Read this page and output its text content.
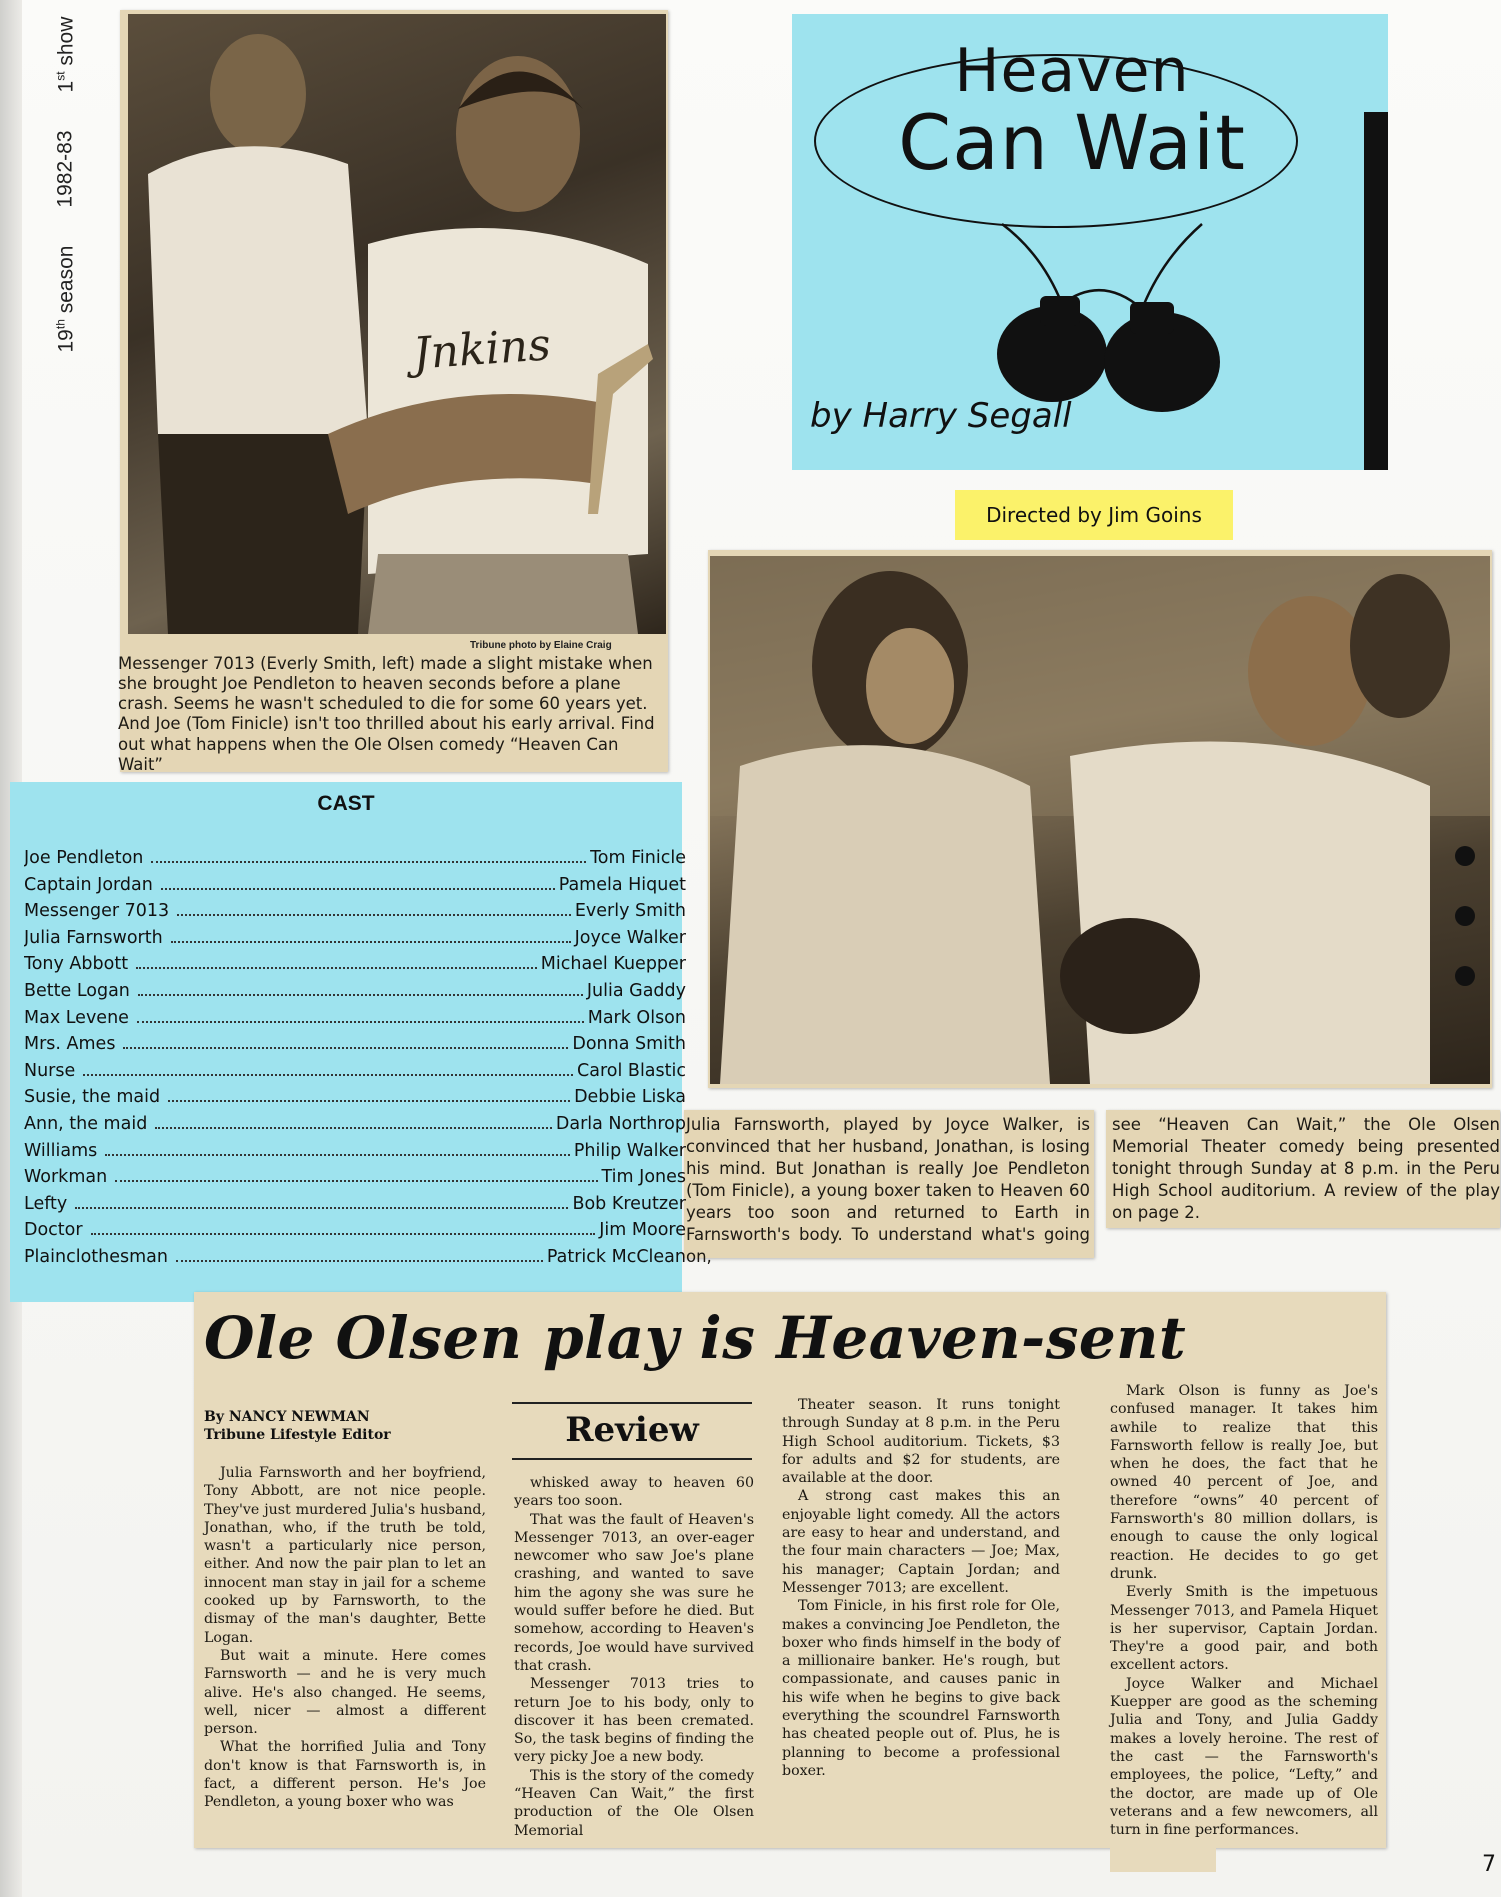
19th season
1982-83
1st show
Jnkins
Tribune photo by Elaine Craig
Messenger 7013 (Everly Smith, left) made a slight mistake when she brought Joe Pendleton to heaven seconds before a plane crash. Seems he wasn't scheduled to die for some 60 years yet. And Joe (Tom Finicle) isn't too thrilled about his early arrival. Find out what happens when the Ole Olsen comedy “Heaven Can Wait”
Heaven
Can Wait
by Harry Segall
Directed by Jim Goins
Julia Farnsworth, played by Joyce Walker, is convinced that her husband, Jonathan, is losing his mind. But Jonathan is really Joe Pendleton (Tom Finicle), a young boxer taken to Heaven 60 years too soon and returned to Earth in Farnsworth's body. To understand what's going on,
see “Heaven Can Wait,” the Ole Olsen Memorial Theater comedy being presented tonight through Sunday at 8 p.m. in the Peru High School auditorium. A review of the play on page 2.
CAST
Joe Pendleton	Tom Finicle
Captain Jordan	Pamela Hiquet
Messenger 7013	Everly Smith
Julia Farnsworth	Joyce Walker
Tony Abbott	Michael Kuepper
Bette Logan	Julia Gaddy
Max Levene	Mark Olson
Mrs. Ames	Donna Smith
Nurse	Carol Blastic
Susie, the maid	Debbie Liska
Ann, the maid	Darla Northrop
Williams	Philip Walker
Workman	Tim Jones
Lefty	Bob Kreutzer
Doctor	Jim Moore
Plainclothesman	Patrick McClean
Ole Olsen play is Heaven-sent
By NANCY NEWMAN
Tribune Lifestyle Editor	Review

Julia Farnsworth and her boyfriend, Tony Abbott, are not nice people. They've just murdered Julia's husband, Jonathan, who, if the truth be told, wasn't a particularly nice person, either. And now the pair plan to let an innocent man stay in jail for a scheme cooked up by Farnsworth, to the dismay of the man's daughter, Bette Logan.

But wait a minute. Here comes Farnsworth — and he is very much alive. He's also changed. He seems, well, nicer — almost a different person.

What the horrified Julia and Tony don't know is that Farnsworth is, in fact, a different person. He's Joe Pendleton, a young boxer who was

whisked away to heaven 60 years too soon.

That was the fault of Heaven's Messenger 7013, an over-eager newcomer who saw Joe's plane crashing, and wanted to save him the agony she was sure he would suffer before he died. But somehow, according to Heaven's records, Joe would have survived that crash.

Messenger 7013 tries to return Joe to his body, only to discover it has been cremated. So, the task begins of finding the very picky Joe a new body.

This is the story of the comedy “Heaven Can Wait,” the first production of the Ole Olsen Memorial

Theater season. It runs tonight through Sunday at 8 p.m. in the Peru High School auditorium. Tickets, $3 for adults and $2 for students, are available at the door.

A strong cast makes this an enjoyable light comedy. All the actors are easy to hear and understand, and the four main characters — Joe; Max, his manager; Captain Jordan; and Messenger 7013; are excellent.

Tom Finicle, in his first role for Ole, makes a convincing Joe Pendleton, the boxer who finds himself in the body of a millionaire banker. He's rough, but compassionate, and causes panic in his wife when he begins to give back everything the scoundrel Farnsworth has cheated people out of. Plus, he is planning to become a professional boxer.

Mark Olson is funny as Joe's confused manager. It takes him awhile to realize that this Farnsworth fellow is really Joe, but when he does, the fact that he owned 40 percent of Joe, and therefore “owns” 40 percent of Farnsworth's 80 million dollars, is enough to cause the only logical reaction. He decides to go get drunk.

Everly Smith is the impetuous Messenger 7013, and Pamela Hiquet is her supervisor, Captain Jordan. They're a good pair, and both excellent actors.

Joyce Walker and Michael Kuepper are good as the scheming Julia and Tony, and Julia Gaddy makes a lovely heroine. The rest of the cast — the Farnsworth's employees, the police, “Lefty,” and the doctor, are made up of Ole veterans and a few newcomers, all turn in fine performances.

7
